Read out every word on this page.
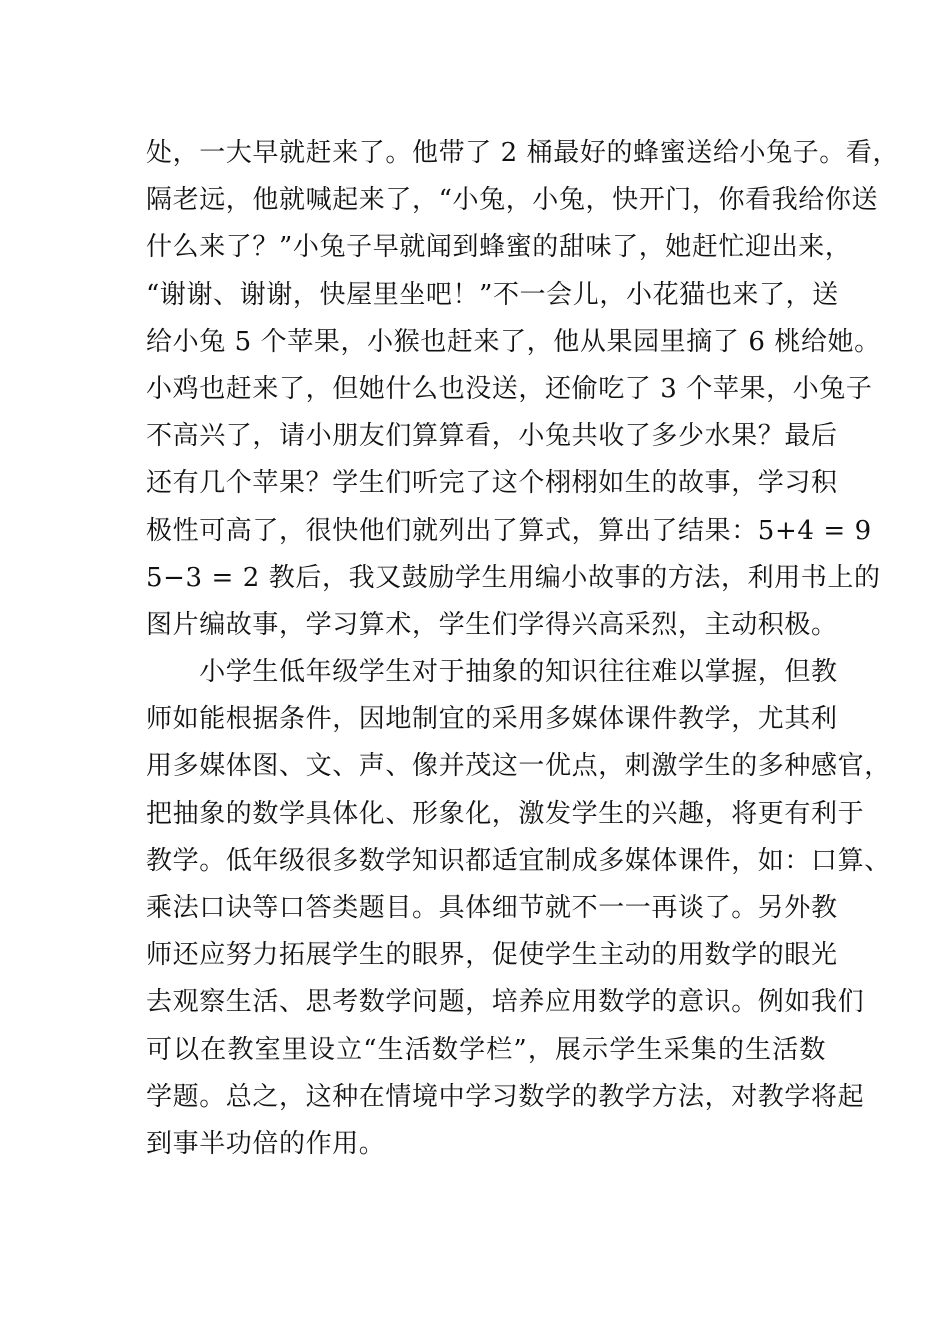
处，一大早就赶来了。他带了 2 桶最好的蜂蜜送给小兔子。看，
隔老远，他就喊起来了，“小兔，小兔，快开门，你看我给你送
什么来了？”小兔子早就闻到蜂蜜的甜味了，她赶忙迎出来，
“谢谢、谢谢，快屋里坐吧！”不一会儿，小花猫也来了，送
给小兔 5 个苹果，小猴也赶来了，他从果园里摘了 6 桃给她。
小鸡也赶来了，但她什么也没送，还偷吃了 3 个苹果，小兔子
不高兴了，请小朋友们算算看，小兔共收了多少水果？最后
还有几个苹果？学生们听完了这个栩栩如生的故事，学习积
极性可高了，很快他们就列出了算式，算出了结果：5+4 = 9
5−3 = 2 教后，我又鼓励学生用编小故事的方法，利用书上的
图片编故事，学习算术，学生们学得兴高采烈，主动积极。
　　小学生低年级学生对于抽象的知识往往难以掌握，但教
师如能根据条件，因地制宜的采用多媒体课件教学，尤其利
用多媒体图、文、声、像并茂这一优点，刺激学生的多种感官，
把抽象的数学具体化、形象化，激发学生的兴趣，将更有利于
教学。低年级很多数学知识都适宜制成多媒体课件，如：口算、
乘法口诀等口答类题目。具体细节就不一一再谈了。另外教
师还应努力拓展学生的眼界，促使学生主动的用数学的眼光
去观察生活、思考数学问题，培养应用数学的意识。例如我们
可以在教室里设立“生活数学栏”，展示学生采集的生活数
学题。总之，这种在情境中学习数学的教学方法，对教学将起
到事半功倍的作用。
